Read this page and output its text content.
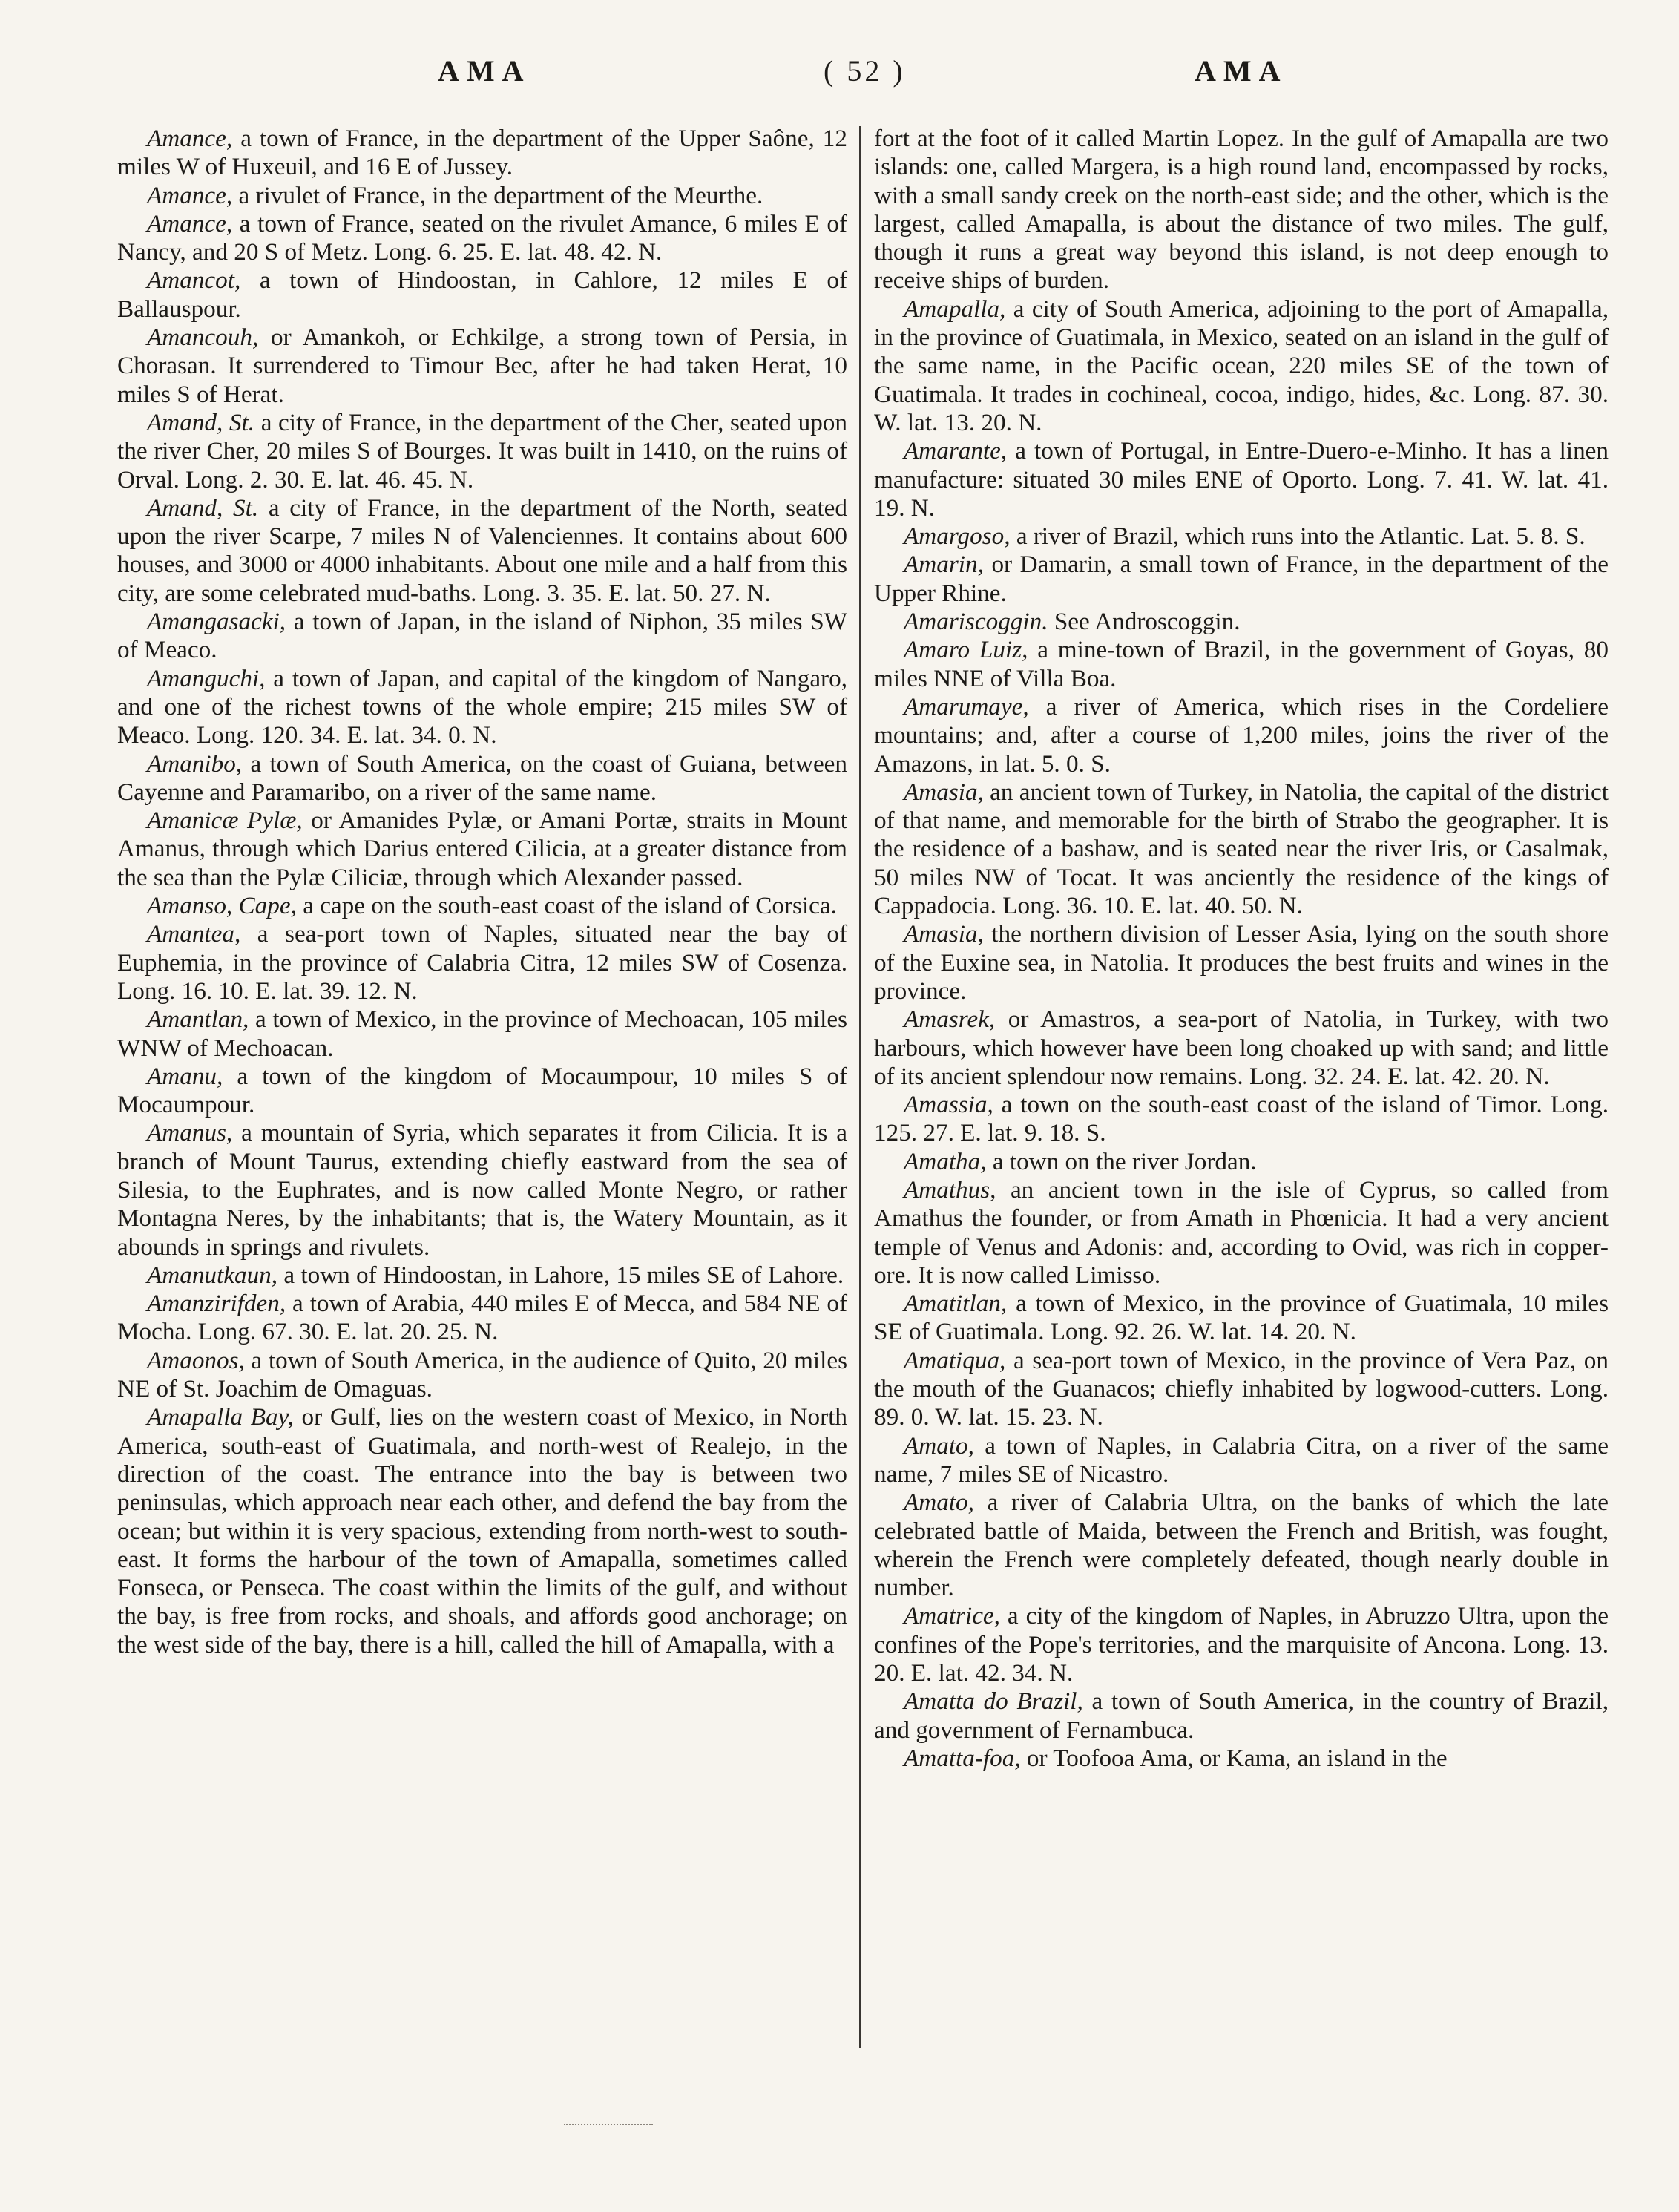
AMA	( 52 )	AMA

Amance, a town of France, in the department of the Upper Saône, 12 miles W of Huxeuil, and 16 E of Jussey.

Amance, a rivulet of France, in the department of the Meurthe.

Amance, a town of France, seated on the rivulet Amance, 6 miles E of Nancy, and 20 S of Metz. Long. 6. 25. E. lat. 48. 42. N.

Amancot, a town of Hindoostan, in Cahlore, 12 miles E of Ballauspour.

Amancouh, or Amankoh, or Echkilge, a strong town of Persia, in Chorasan. It surrendered to Timour Bec, after he had taken Herat, 10 miles S of Herat.

Amand, St. a city of France, in the department of the Cher, seated upon the river Cher, 20 miles S of Bourges. It was built in 1410, on the ruins of Orval. Long. 2. 30. E. lat. 46. 45. N.

Amand, St. a city of France, in the department of the North, seated upon the river Scarpe, 7 miles N of Valenciennes. It contains about 600 houses, and 3000 or 4000 inhabitants. About one mile and a half from this city, are some celebrated mud-baths. Long. 3. 35. E. lat. 50. 27. N.

Amangasacki, a town of Japan, in the island of Niphon, 35 miles SW of Meaco.

Amanguchi, a town of Japan, and capital of the kingdom of Nangaro, and one of the richest towns of the whole empire; 215 miles SW of Meaco. Long. 120. 34. E. lat. 34. 0. N.

Amanibo, a town of South America, on the coast of Guiana, between Cayenne and Paramaribo, on a river of the same name.

Amanicæ Pylæ, or Amanides Pylæ, or Amani Portæ, straits in Mount Amanus, through which Darius entered Cilicia, at a greater distance from the sea than the Pylæ Ciliciæ, through which Alexander passed.

Amanso, Cape, a cape on the south-east coast of the island of Corsica.

Amantea, a sea-port town of Naples, situated near the bay of Euphemia, in the province of Calabria Citra, 12 miles SW of Cosenza. Long. 16. 10. E. lat. 39. 12. N.

Amantlan, a town of Mexico, in the province of Mechoacan, 105 miles WNW of Mechoacan.

Amanu, a town of the kingdom of Mocaumpour, 10 miles S of Mocaumpour.

Amanus, a mountain of Syria, which separates it from Cilicia. It is a branch of Mount Taurus, extending chiefly eastward from the sea of Silesia, to the Euphrates, and is now called Monte Negro, or rather Montagna Neres, by the inhabitants; that is, the Watery Mountain, as it abounds in springs and rivulets.

Amanutkaun, a town of Hindoostan, in Lahore, 15 miles SE of Lahore.

Amanzirifden, a town of Arabia, 440 miles E of Mecca, and 584 NE of Mocha. Long. 67. 30. E. lat. 20. 25. N.

Amaonos, a town of South America, in the audience of Quito, 20 miles NE of St. Joachim de Omaguas.

Amapalla Bay, or Gulf, lies on the western coast of Mexico, in North America, south-east of Guatimala, and north-west of Realejo, in the direction of the coast. The entrance into the bay is between two peninsulas, which approach near each other, and defend the bay from the ocean; but within it is very spacious, extending from north-west to south-east. It forms the harbour of the town of Amapalla, sometimes called Fonseca, or Penseca. The coast within the limits of the gulf, and without the bay, is free from rocks, and shoals, and affords good anchorage; on the west side of the bay, there is a hill, called the hill of Amapalla, with a

fort at the foot of it called Martin Lopez. In the gulf of Amapalla are two islands: one, called Margera, is a high round land, encompassed by rocks, with a small sandy creek on the north-east side; and the other, which is the largest, called Amapalla, is about the distance of two miles. The gulf, though it runs a great way beyond this island, is not deep enough to receive ships of burden.

Amapalla, a city of South America, adjoining to the port of Amapalla, in the province of Guatimala, in Mexico, seated on an island in the gulf of the same name, in the Pacific ocean, 220 miles SE of the town of Guatimala. It trades in cochineal, cocoa, indigo, hides, &c. Long. 87. 30. W. lat. 13. 20. N.

Amarante, a town of Portugal, in Entre-Duero-e-Minho. It has a linen manufacture: situated 30 miles ENE of Oporto. Long. 7. 41. W. lat. 41. 19. N.

Amargoso, a river of Brazil, which runs into the Atlantic. Lat. 5. 8. S.

Amarin, or Damarin, a small town of France, in the department of the Upper Rhine.

Amariscoggin. See Androscoggin.

Amaro Luiz, a mine-town of Brazil, in the government of Goyas, 80 miles NNE of Villa Boa.

Amarumaye, a river of America, which rises in the Cordeliere mountains; and, after a course of 1,200 miles, joins the river of the Amazons, in lat. 5. 0. S.

Amasia, an ancient town of Turkey, in Natolia, the capital of the district of that name, and memorable for the birth of Strabo the geographer. It is the residence of a bashaw, and is seated near the river Iris, or Casalmak, 50 miles NW of Tocat. It was anciently the residence of the kings of Cappadocia. Long. 36. 10. E. lat. 40. 50. N.

Amasia, the northern division of Lesser Asia, lying on the south shore of the Euxine sea, in Natolia. It produces the best fruits and wines in the province.

Amasrek, or Amastros, a sea-port of Natolia, in Turkey, with two harbours, which however have been long choaked up with sand; and little of its ancient splendour now remains. Long. 32. 24. E. lat. 42. 20. N.

Amassia, a town on the south-east coast of the island of Timor. Long. 125. 27. E. lat. 9. 18. S.

Amatha, a town on the river Jordan.

Amathus, an ancient town in the isle of Cyprus, so called from Amathus the founder, or from Amath in Phœnicia. It had a very ancient temple of Venus and Adonis: and, according to Ovid, was rich in copper-ore. It is now called Limisso.

Amatitlan, a town of Mexico, in the province of Guatimala, 10 miles SE of Guatimala. Long. 92. 26. W. lat. 14. 20. N.

Amatiqua, a sea-port town of Mexico, in the province of Vera Paz, on the mouth of the Guanacos; chiefly inhabited by logwood-cutters. Long. 89. 0. W. lat. 15. 23. N.

Amato, a town of Naples, in Calabria Citra, on a river of the same name, 7 miles SE of Nicastro.

Amato, a river of Calabria Ultra, on the banks of which the late celebrated battle of Maida, between the French and British, was fought, wherein the French were completely defeated, though nearly double in number.

Amatrice, a city of the kingdom of Naples, in Abruzzo Ultra, upon the confines of the Pope's territories, and the marquisite of Ancona. Long. 13. 20. E. lat. 42. 34. N.

Amatta do Brazil, a town of South America, in the country of Brazil, and government of Fernambuca.

Amatta-foa, or Toofooa Ama, or Kama, an island in the
